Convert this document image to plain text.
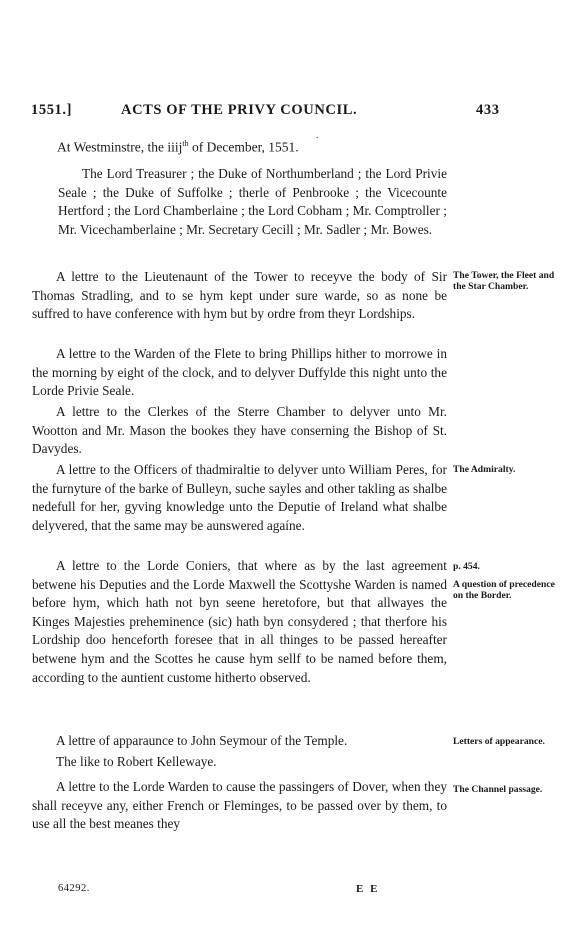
1551.]	ACTS OF THE PRIVY COUNCIL.	433
.
At Westminstre, the iiij$^{th}$ of December, 1551.

The Lord Treasurer ; the Duke of Northumberland ; the Lord Privie Seale ; the Duke of Suffolke ; therle of Penbrooke ; the Vicecounte Hertford ; the Lord Chamberlaine ; the Lord Cobham ; Mr. Comptroller ; Mr. Vicechamberlaine ; Mr. Secretary Cecill ; Mr. Sadler ; Mr. Bowes.

A lettre to the Lieutenaunt of the Tower to receyve the body of Sir Thomas Stradling, and to se hym kept under sure warde, so as none be suffred to have conference with hym but by ordre from theyr Lordships.

A lettre to the Warden of the Flete to bring Phillips hither to morrowe in the morning by eight of the clock, and to delyver Duffylde this night unto the Lorde Privie Seale.

A lettre to the Clerkes of the Sterre Chamber to delyver unto Mr. Wootton and Mr. Mason the bookes they have conserning the Bishop of St. Davydes.

A lettre to the Officers of thadmiraltie to delyver unto William Peres, for the furnyture of the barke of Bulleyn, suche sayles and other takling as shalbe nedefull for her, gyving knowledge unto the Deputie of Ireland what shalbe delyvered, that the same may be aunswered agaíne.

A lettre to the Lorde Coniers, that where as by the last agreement betwene his Deputies and the Lorde Maxwell the Scottyshe Warden is named before hym, which hath not byn seene heretofore, but that allwayes the Kinges Majesties preheminence (sic) hath byn consydered ; that therfore his Lordship doo henceforth foresee that in all thinges to be passed hereafter betwene hym and the Scottes he cause hym sellf to be named before them, according to the auntient custome hitherto observed.

A lettre of apparaunce to John Seymour of the Temple.

The like to Robert Kellewaye.

A lettre to the Lorde Warden to cause the passingers of Dover, when they shall receyve any, either French or Fleminges, to be passed over by them, to use all the best meanes they

The Tower, the Fleet and the Star Chamber.
The Admiralty.
p. 454.
A question of precedence on the Border.
Letters of appearance.
The Channel passage.
64292.	E E
